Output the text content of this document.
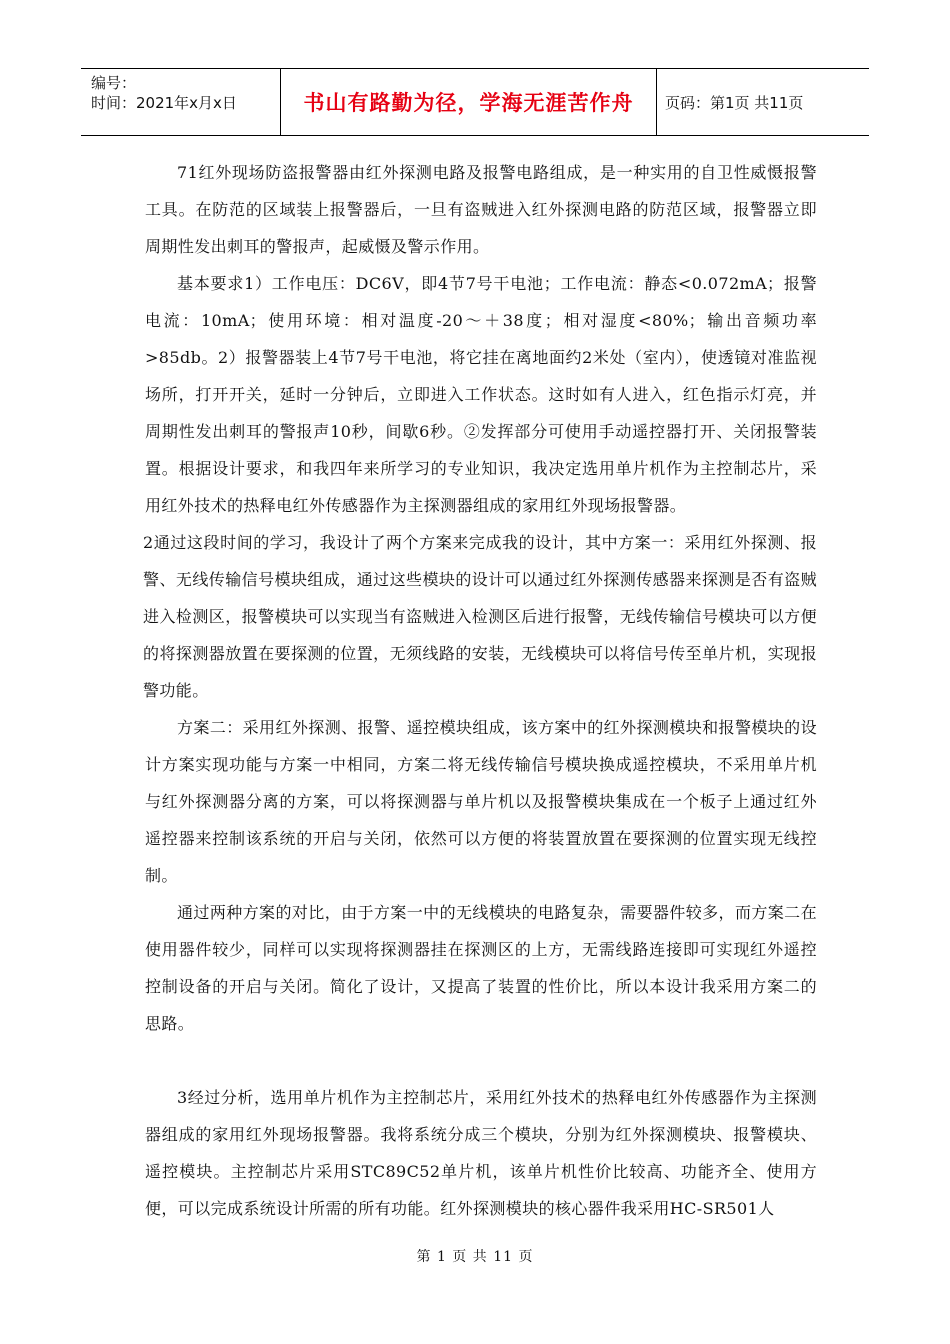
编号：
时间：2021年x月x日	书山有路勤为径，学海无涯苦作舟 页码：第1页 共11页

71红外现场防盗报警器由红外探测电路及报警电路组成，是一种实用的自卫性威慑报警工具。在防范的区域装上报警器后，一旦有盗贼进入红外探测电路的防范区域，报警器立即周期性发出刺耳的警报声，起威慑及警示作用。

基本要求1）工作电压：DC6V，即4节7号干电池；工作电流：静态<0.072mA；报警电流：10mA；使用环境：相对温度-20～＋38度；相对湿度<80%；输出音频功率 >85db。2）报警器装上4节7号干电池，将它挂在离地面约2米处（室内），使透镜对准监视场所，打开开关，延时一分钟后，立即进入工作状态。这时如有人进入，红色指示灯亮，并周期性发出刺耳的警报声10秒，间歇6秒。②发挥部分可使用手动遥控器打开、关闭报警装置。根据设计要求，和我四年来所学习的专业知识，我决定选用单片机作为主控制芯片，采用红外技术的热释电红外传感器作为主探测器组成的家用红外现场报警器。

2通过这段时间的学习，我设计了两个方案来完成我的设计，其中方案一：采用红外探测、报警、无线传输信号模块组成，通过这些模块的设计可以通过红外探测传感器来探测是否有盗贼进入检测区，报警模块可以实现当有盗贼进入检测区后进行报警，无线传输信号模块可以方便的将探测器放置在要探测的位置，无须线路的安装，无线模块可以将信号传至单片机，实现报警功能。

方案二：采用红外探测、报警、遥控模块组成，该方案中的红外探测模块和报警模块的设计方案实现功能与方案一中相同，方案二将无线传输信号模块换成遥控模块，不采用单片机与红外探测器分离的方案，可以将探测器与单片机以及报警模块集成在一个板子上通过红外遥控器来控制该系统的开启与关闭，依然可以方便的将装置放置在要探测的位置实现无线控制。

通过两种方案的对比，由于方案一中的无线模块的电路复杂，需要器件较多，而方案二在使用器件较少，同样可以实现将探测器挂在探测区的上方，无需线路连接即可实现红外遥控控制设备的开启与关闭。简化了设计，又提高了装置的性价比，所以本设计我采用方案二的思路。

3经过分析，选用单片机作为主控制芯片，采用红外技术的热释电红外传感器作为主探测器组成的家用红外现场报警器。我将系统分成三个模块，分别为红外探测模块、报警模块、遥控模块。主控制芯片采用STC89C52单片机，该单片机性价比较高、功能齐全、使用方便，可以完成系统设计所需的所有功能。红外探测模块的核心器件我采用HC-SR501人

第 1 页 共 11 页
